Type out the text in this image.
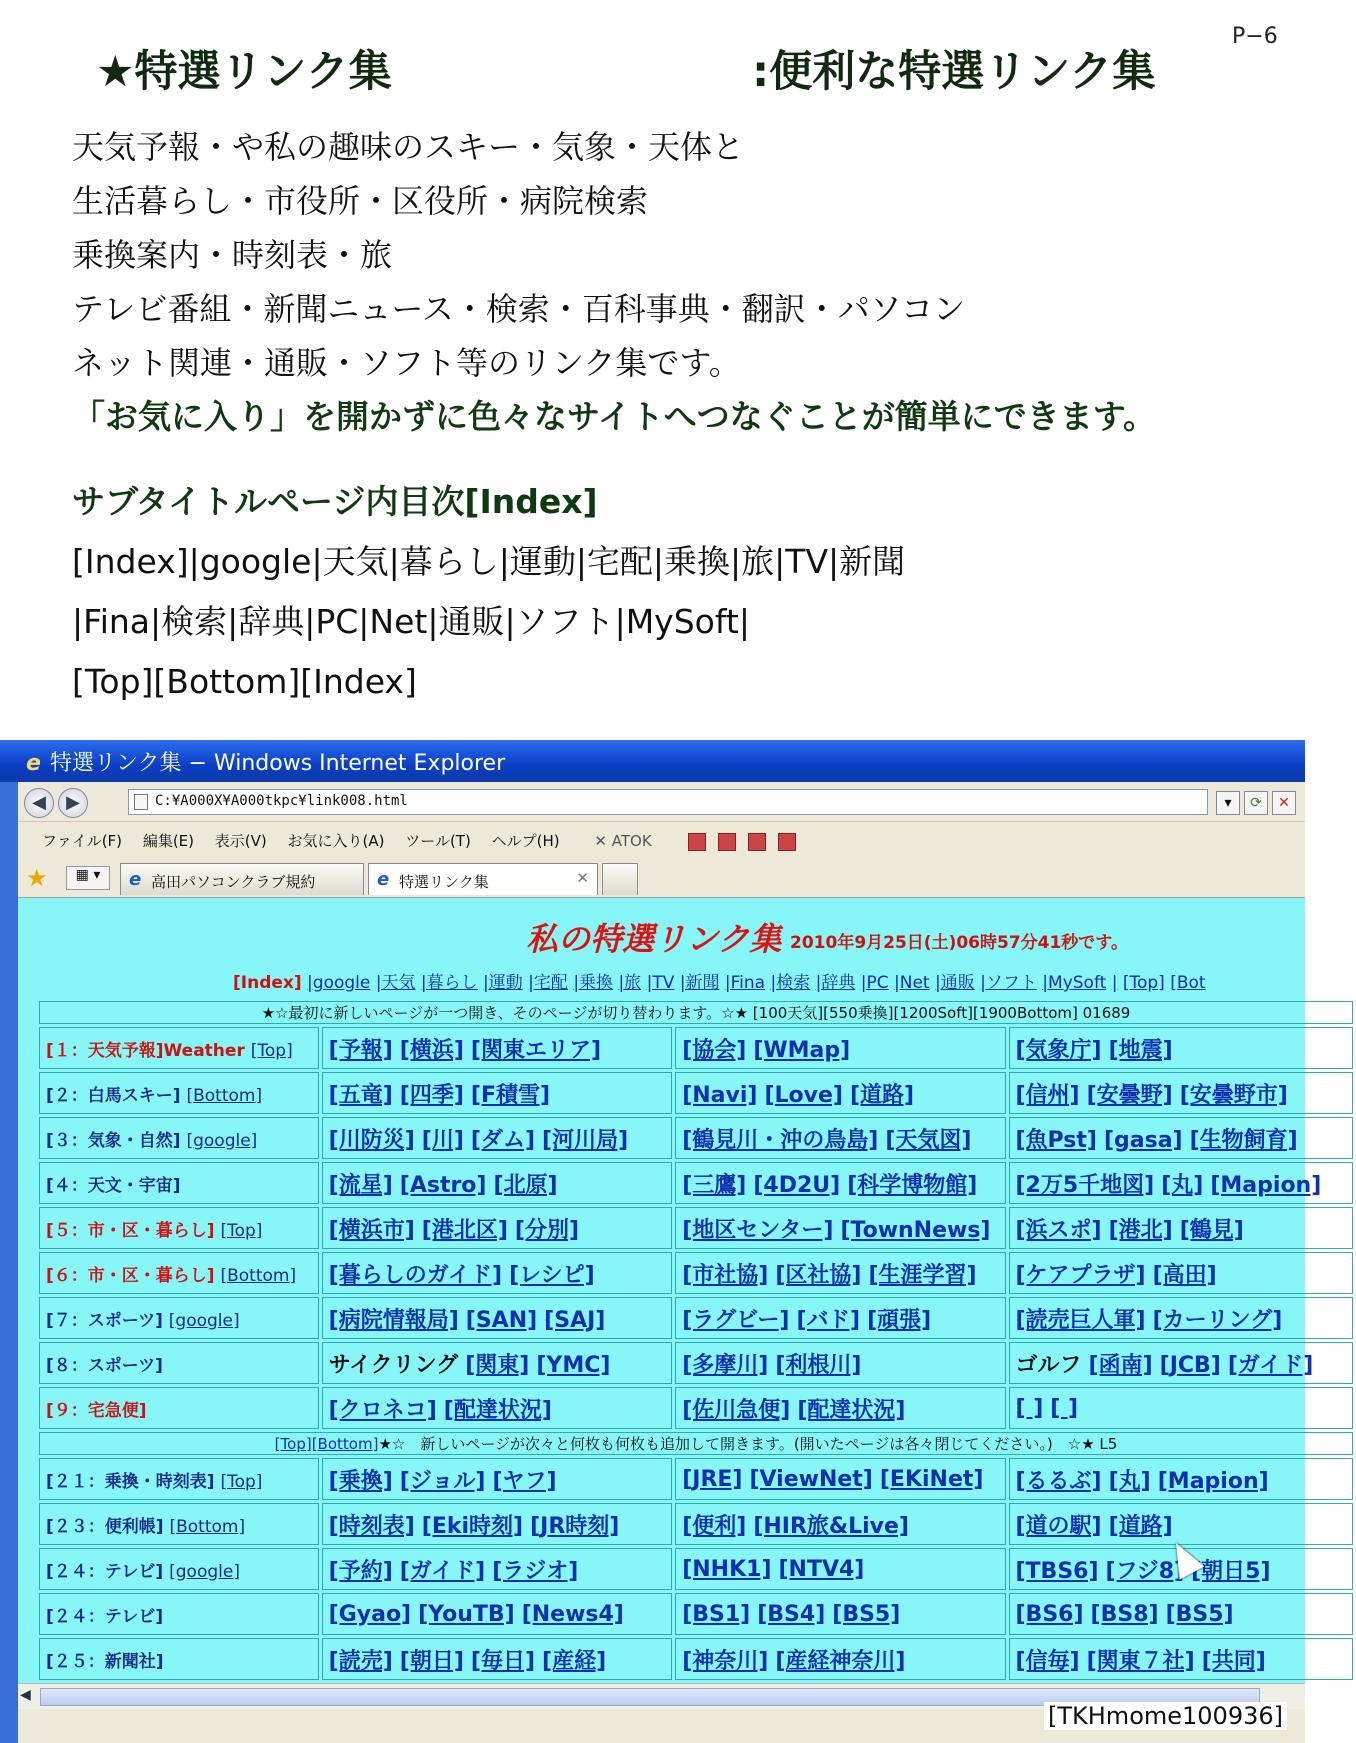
★特選リンク集	:便利な特選リンク集
P−6
天気予報・や私の趣味のスキー・気象・天体と
生活暮らし・市役所・区役所・病院検索
乗換案内・時刻表・旅
テレビ番組・新聞ニュース・検索・百科事典・翻訳・パソコン
ネット関連・通販・ソフト等のリンク集です。
「お気に入り」を開かずに色々なサイトへつなぐことが簡単にできます。
サブタイトルページ内目次[Index]
[Index]|google|天気|暮らし|運動|宅配|乗換|旅|TV|新聞
|Fina|検索|辞典|PC|Net|通販|ソフト|MySoft|
[Top][Bottom][Index]
e 特選リンク集 − Windows Internet Explorer
◀	▶	C:¥A000X¥A000tkpc¥link008.html	▾	⟳	✕
ファイル(F) 編集(E) 表示(V) お気に入り(A) ツール(T) ヘルプ(H) ✕ ATOK
★	▦ ▾	e 高田パソコンクラブ規約	e 特選リンク集	✕
私の特選リンク集 2010年9月25日(土)06時57分41秒です。
[Index] |google |天気 |暮らし |運動 |宅配 |乗換 |旅 |TV |新聞 |Fina |検索 |辞典 |PC |Net |通販 |ソフト |MySoft | [Top] [Bot
★☆最初に新しいページが一つ開き、そのページが切り替わります。☆★ [100天気][550乗換][1200Soft][1900Bottom] 01689			
[１：天気予報]Weather [Top]	[予報] [横浜] [関東エリア]	[協会] [WMap]	[気象庁] [地震]
[２：白馬スキー] [Bottom]	[五竜] [四季] [F積雪]	[Navi] [Love] [道路]	[信州] [安曇野] [安曇野市]
[３：気象・自然] [google]	[川防災] [川] [ダム] [河川局]	[鶴見川・沖の鳥島] [天気図]	[魚Pst] [gasa] [生物飼育]
[４：天文・宇宙]	[流星] [Astro] [北原]	[三鷹] [4D2U] [科学博物館]	[2万5千地図] [丸] [Mapion]
[５：市・区・暮らし] [Top]	[横浜市] [港北区] [分別]	[地区センター] [TownNews]	[浜スポ] [港北] [鶴見]
[６：市・区・暮らし] [Bottom]	[暮らしのガイド] [レシピ]	[市社協] [区社協] [生涯学習]	[ケアプラザ] [高田]
[７：スポーツ] [google]	[病院情報局] [SAN] [SAJ]	[ラグビー] [バド] [頑張]	[読売巨人軍] [カーリング]
[８：スポーツ]	サイクリング [関東] [YMC]	[多摩川] [利根川]	ゴルフ [函南] [JCB] [ガイド]
[９：宅急便]	[クロネコ] [配達状況]	[佐川急便] [配達状況]	[ ] [ ]
[Top][Bottom]★☆　新しいページが次々と何枚も何枚も追加して開きます。(開いたページは各々閉じてください。)　☆★ L5			
[２１：乗換・時刻表] [Top]	[乗換] [ジョル] [ヤフ]	[JRE] [ViewNet] [EKiNet]	[るるぶ] [丸] [Mapion]
[２３：便利帳] [Bottom]	[時刻表] [Eki時刻] [JR時刻]	[便利] [HIR旅&Live]	[道の駅] [道路]
[２４：テレビ] [google]	[予約] [ガイド] [ラジオ]	[NHK1] [NTV4]	[TBS6] [フジ8] [朝日5]
[２４：テレビ]	[Gyao] [YouTB] [News4]	[BS1] [BS4] [BS5]	[BS6] [BS8] [BS5]
[２５：新聞社]	[読売] [朝日] [毎日] [産経]	[神奈川] [産経神奈川]	[信毎] [関東７社] [共同]
◀
[TKHmome100936]
